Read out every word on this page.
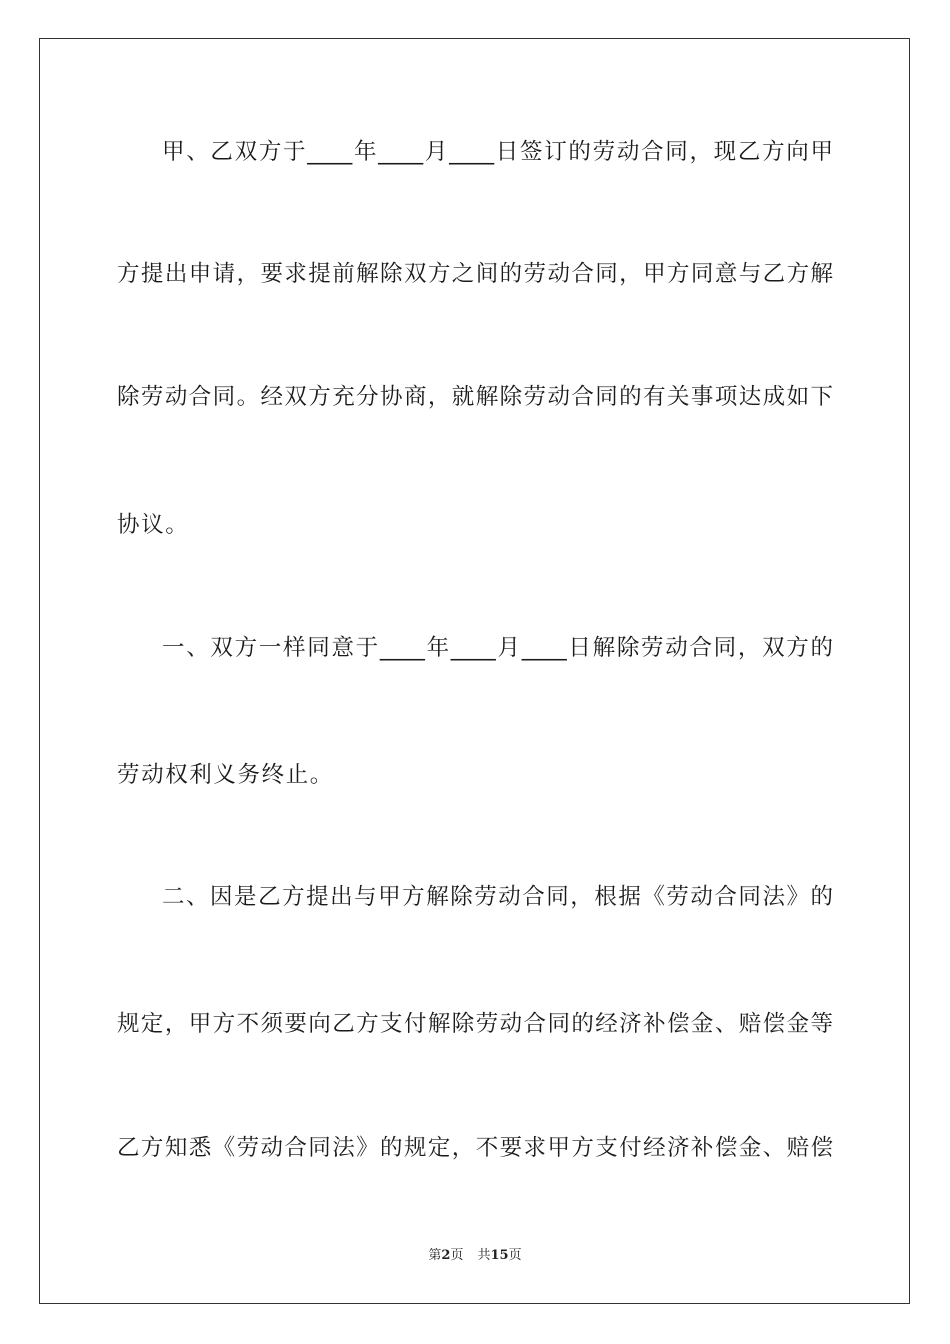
甲、乙双方于____年____月____日签订的劳动合同，现乙方向甲
方提出申请，要求提前解除双方之间的劳动合同，甲方同意与乙方解
除劳动合同。经双方充分协商，就解除劳动合同的有关事项达成如下
协议。
一、双方一样同意于____年____月____日解除劳动合同，双方的
劳动权利义务终止。
二、因是乙方提出与甲方解除劳动合同，根据《劳动合同法》的
规定，甲方不须要向乙方支付解除劳动合同的经济补偿金、赔偿金等
乙方知悉《劳动合同法》的规定，不要求甲方支付经济补偿金、赔偿
第2页 共15页
